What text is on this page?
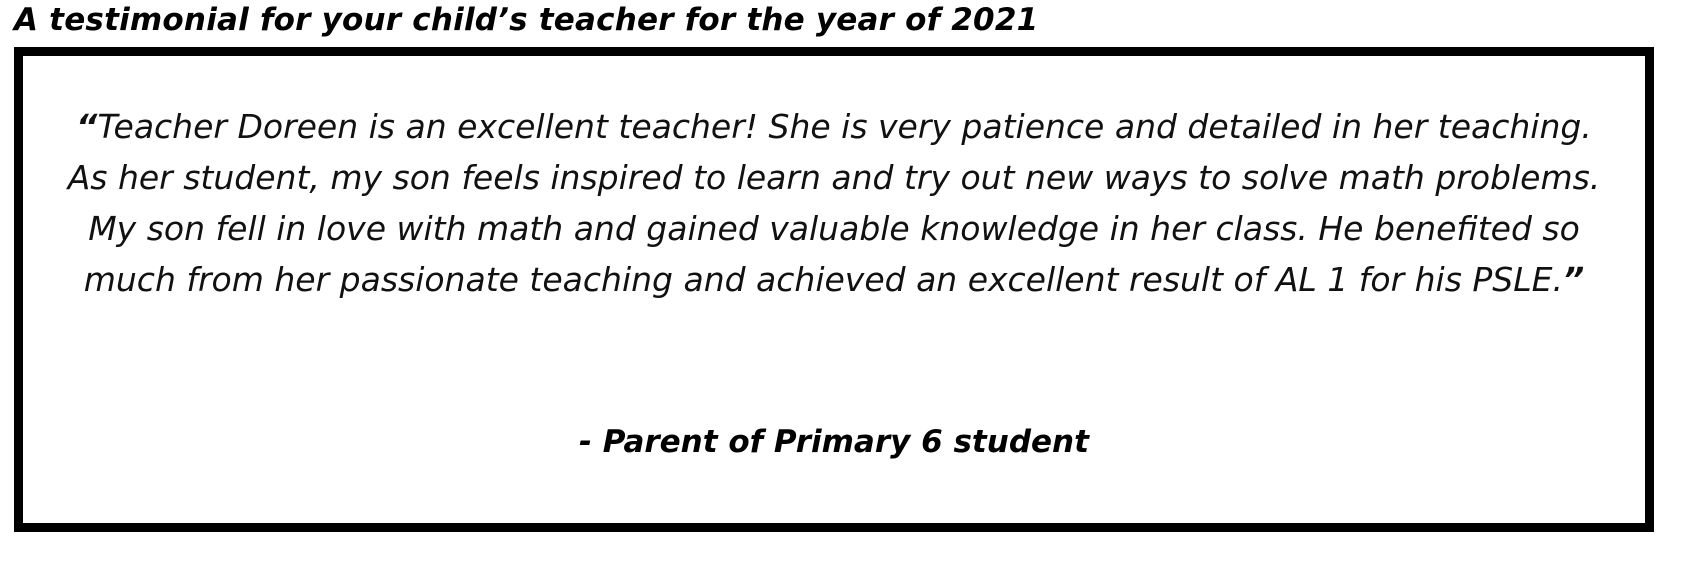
A testimonial for your child’s teacher for the year of 2021
“Teacher Doreen is an excellent teacher! She is very patience and detailed in her teaching. As her student, my son feels inspired to learn and try out new ways to solve math problems. My son fell in love with math and gained valuable knowledge in her class. He benefited so much from her passionate teaching and achieved an excellent result of AL 1 for his PSLE.”
- Parent of Primary 6 student
